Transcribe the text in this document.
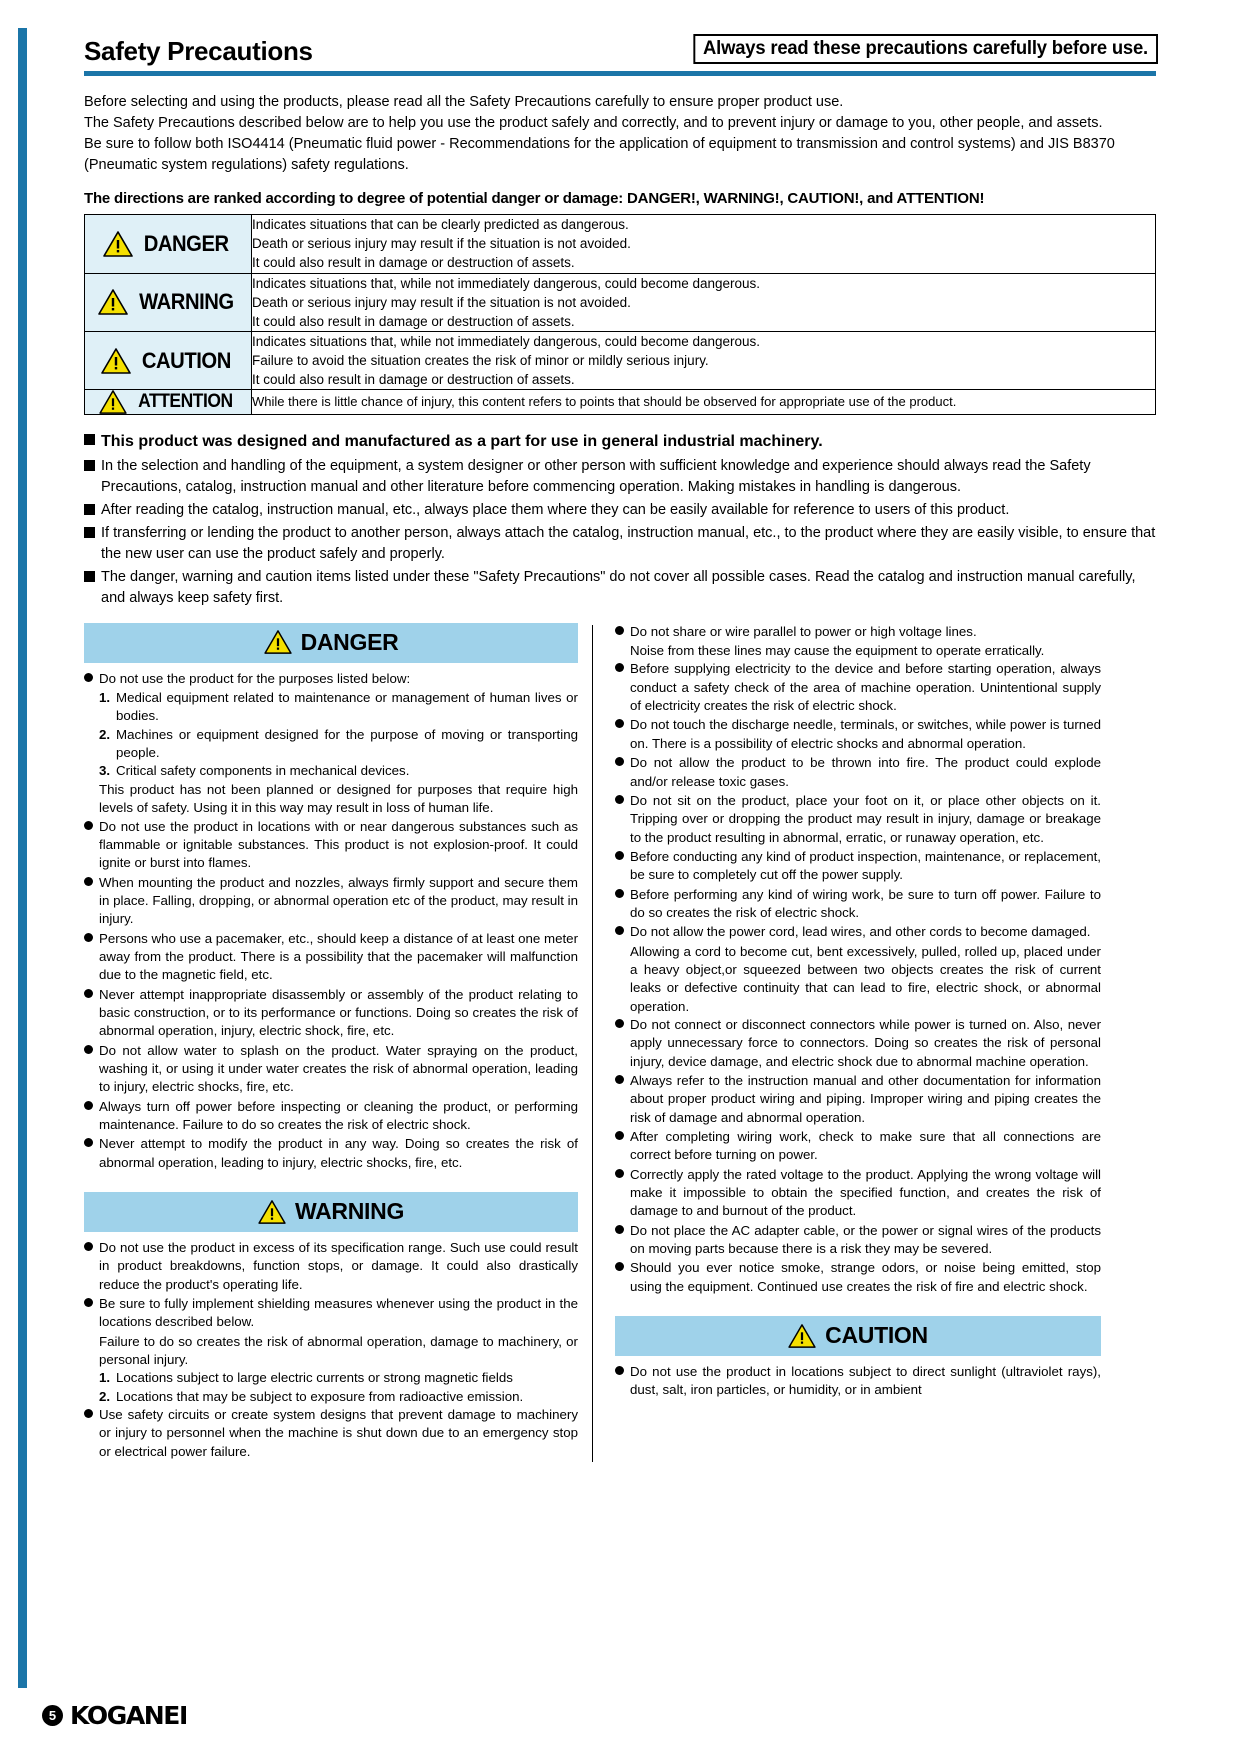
Safety Precautions	Always read these precautions carefully before use.

Before selecting and using the products, please read all the Safety Precautions carefully to ensure proper product use.

The Safety Precautions described below are to help you use the product safely and correctly, and to prevent injury or damage to you, other people, and assets.

Be sure to follow both ISO4414 (Pneumatic fluid power - Recommendations for the application of equipment to transmission and control systems) and JIS B8370 (Pneumatic system regulations) safety regulations.

The directions are ranked according to degree of potential danger or damage: DANGER!, WARNING!, CAUTION!, and ATTENTION!
DANGER	Indicates situations that can be clearly predicted as dangerous.
Death or serious injury may result if the situation is not avoided.
It could also result in damage or destruction of assets.

WARNING	Indicates situations that, while not immediately dangerous, could become dangerous.
Death or serious injury may result if the situation is not avoided.
It could also result in damage or destruction of assets.

CAUTION	Indicates situations that, while not immediately dangerous, could become dangerous.
Failure to avoid the situation creates the risk of minor or mildly serious injury.
It could also result in damage or destruction of assets.

ATTENTION	While there is little chance of injury, this content refers to points that should be observed for appropriate use of the product.
This product was designed and manufactured as a part for use in general industrial machinery.
In the selection and handling of the equipment, a system designer or other person with sufficient knowledge and experience should always read the Safety Precautions, catalog, instruction manual and other literature before commencing operation. Making mistakes in handling is dangerous.
After reading the catalog, instruction manual, etc., always place them where they can be easily available for reference to users of this product.
If transferring or lending the product to another person, always attach the catalog, instruction manual, etc., to the product where they are easily visible, to ensure that the new user can use the product safely and properly.
The danger, warning and caution items listed under these "Safety Precautions" do not cover all possible cases. Read the catalog and instruction manual carefully, and always keep safety first.
DANGER
Do not use the product for the purposes listed below:
1. Medical equipment related to maintenance or management of human lives or bodies.
2. Machines or equipment designed for the purpose of moving or transporting people.
3. Critical safety components in mechanical devices.
This product has not been planned or designed for purposes that require high levels of safety. Using it in this way may result in loss of human life.
Do not use the product in locations with or near dangerous substances such as flammable or ignitable substances. This product is not explosion-proof. It could ignite or burst into flames.
When mounting the product and nozzles, always firmly support and secure them in place. Falling, dropping, or abnormal operation etc of the product, may result in injury.
Persons who use a pacemaker, etc., should keep a distance of at least one meter away from the product. There is a possibility that the pacemaker will malfunction due to the magnetic field, etc.
Never attempt inappropriate disassembly or assembly of the product relating to basic construction, or to its performance or functions. Doing so creates the risk of abnormal operation, injury, electric shock, fire, etc.
Do not allow water to splash on the product. Water spraying on the product, washing it, or using it under water creates the risk of abnormal operation, leading to injury, electric shocks, fire, etc.
Always turn off power before inspecting or cleaning the product, or performing maintenance. Failure to do so creates the risk of electric shock.
Never attempt to modify the product in any way. Doing so creates the risk of abnormal operation, leading to injury, electric shocks, fire, etc.
WARNING
Do not use the product in excess of its specification range. Such use could result in product breakdowns, function stops, or damage. It could also drastically reduce the product's operating life.
Be sure to fully implement shielding measures whenever using the product in the locations described below.
Failure to do so creates the risk of abnormal operation, damage to machinery, or personal injury.
1. Locations subject to large electric currents or strong magnetic fields
2. Locations that may be subject to exposure from radioactive emission.
Use safety circuits or create system designs that prevent damage to machinery or injury to personnel when the machine is shut down due to an emergency stop or electrical power failure.
Do not share or wire parallel to power or high voltage lines.
Noise from these lines may cause the equipment to operate erratically.
Before supplying electricity to the device and before starting operation, always conduct a safety check of the area of machine operation. Unintentional supply of electricity creates the risk of electric shock.
Do not touch the discharge needle, terminals, or switches, while power is turned on. There is a possibility of electric shocks and abnormal operation.
Do not allow the product to be thrown into fire. The product could explode and/or release toxic gases.
Do not sit on the product, place your foot on it, or place other objects on it. Tripping over or dropping the product may result in injury, damage or breakage to the product resulting in abnormal, erratic, or runaway operation, etc.
Before conducting any kind of product inspection, maintenance, or replacement, be sure to completely cut off the power supply.
Before performing any kind of wiring work, be sure to turn off power. Failure to do so creates the risk of electric shock.
Do not allow the power cord, lead wires, and other cords to become damaged.
Allowing a cord to become cut, bent excessively, pulled, rolled up, placed under a heavy object,or squeezed between two objects creates the risk of current leaks or defective continuity that can lead to fire, electric shock, or abnormal operation.
Do not connect or disconnect connectors while power is turned on. Also, never apply unnecessary force to connectors. Doing so creates the risk of personal injury, device damage, and electric shock due to abnormal machine operation.
Always refer to the instruction manual and other documentation for information about proper product wiring and piping. Improper wiring and piping creates the risk of damage and abnormal operation.
After completing wiring work, check to make sure that all connections are correct before turning on power.
Correctly apply the rated voltage to the product. Applying the wrong voltage will make it impossible to obtain the specified function, and creates the risk of damage to and burnout of the product.
Do not place the AC adapter cable, or the power or signal wires of the products on moving parts because there is a risk they may be severed.
Should you ever notice smoke, strange odors, or noise being emitted, stop using the equipment. Continued use creates the risk of fire and electric shock.
CAUTION
Do not use the product in locations subject to direct sunlight (ultraviolet rays), dust, salt, iron particles, or humidity, or in ambient
5 KOGANEI
